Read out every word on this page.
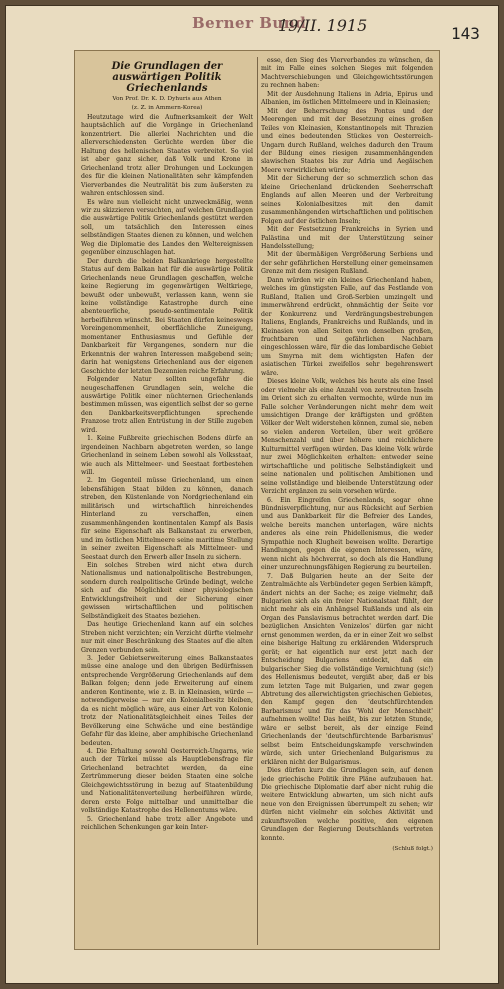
Berner Bund
19/II. 1915	143
Die Grundlagen der auswärtigen Politik Griechenlands
Von Prof. Dr. K. D. Dyhuris aus Athen
(z. Z. in Ammern-Korea)

Heutzutage wird die Aufmerksamkeit der Welt hauptsächlich auf die Vorgänge in Griechenland konzentriert. Die allerlei Nachrichten und die allerverschiedensten Gerüchte werden über die Haltung des hellenischen Staates verbreitet. So viel ist aber ganz sicher, daß Volk und Krone in Griechenland trotz aller Drohungen und Lockungen des für die kleinen Nationalitäten sehr kämpfenden Vierverbandes die Neutralität bis zum äußersten zu wahren entschlossen sind.

Es wäre nun vielleicht nicht unzweckmäßig, wenn wir zu skizzieren versuchten, auf welchen Grundlagen die auswärtige Politik Griechenlands gestützt werden soll, um tatsächlich den Interessen eines selbständigen Staates dienen zu können, und welchen Weg die Diplomatie des Landes den Weltereignissen gegenüber einzuschlagen hat.

Der durch die beiden Balkankriege hergestellte Status auf dem Balkan hat für die auswärtige Politik Griechenlands neue Grundlagen geschaffen, welche keine Regierung im gegenwärtigen Weltkriege, bewußt oder unbewußt, verlassen kann, wenn sie keine vollständige Katastrophe durch eine abenteuerliche, pseudo-sentimentale Politik herbeiführen wünscht. Bei Staaten dürfen keineswegs Voreingenommenheit, oberflächliche Zuneigung, momentaner Enthusiasmus und Gefühle der Dankbarkeit für Vergangenes, sondern nur die Erkenntnis der wahren Interessen maßgebend sein; darin hat wenigstens Griechenland aus der eigenen Geschichte der letzten Dezennien reiche Erfahrung.

Folgender Natur sollten ungefähr die neugeschaffenen Grundlagen sein, welche die auswärtige Politik einer nüchternen Griechenlands bestimmen müssen, was eigentlich selbst der so gerne den Dankbarkeitsverpflichtungen sprechende Franzose trotz allen Entrüstung in der Stille zugeben wird.

1. Keine Fußbreite griechischen Bodens dürfe an irgendeinen Nachbarn abgetreten werden, so lange Griechenland in seinem Leben sowohl als Volksstaat, wie auch als Mittelmeer- und Seestaat fortbestehen will.

2. Im Gegenteil müsse Griechenland, um einen lebensfähigen Staat bilden zu können, danach streben, den Küstenlande von Nordgriechenland ein militärisch und wirtschaftlich hinreichendes Hinterland zu verschaffen, einen zusammenhängenden kontinentalen Kampf als Basis für seine Eigenschaft als Balkanstaat zu erwerben, und im östlichen Mittelmeere seine maritime Stellung in seiner zweiten Eigenschaft als Mittelmeer- und Seestaat durch den Erwerb aller Inseln zu sichern.

Ein solches Streben wird nicht etwa durch Nationalismus und nationalpolitische Bestrebungen, sondern durch realpolitische Gründe bedingt, welche sich auf die Möglichkeit einer physiologischen Entwicklungsfreiheit und der Sicherung einer gewissen wirtschaftlichen und politischen Selbständigkeit des Staates beziehen.

Das heutige Griechenland kann auf ein solches Streben nicht verzichten; ein Verzicht dürfte vielmehr nur mit einer Beschränkung des Staates auf die alten Grenzen verbunden sein.

3. Jeder Gebietserweiterung eines Balkanstaates müsse eine analoge und den übrigen Bedürfnissen entsprechende Vergrößerung Griechenlands auf dem Balkan folgen; denn jede Erweiterung auf einem anderen Kontinente, wie z. B. in Kleinasien, würde — notwendigerweise — nur ein Kolonialbesitz bleiben, da es nicht möglich wäre, aus einer Art von Kolonie trotz der Nationalitätsgleichheit eines Teiles der Bevölkerung eine Schwäche und eine beständige Gefahr für das kleine, aber amphibische Griechenland bedeuten.

4. Die Erhaltung sowohl Oesterreich-Ungarns, wie auch der Türkei müsse als Hauptlebensfrage für Griechenland betrachtet werden, da eine Zertrümmerung dieser beiden Staaten eine solche Gleichgewichtsstörung in bezug auf Staatenbildung und Nationalitätenverteilung herbeiführen würde, deren erste Folge mittelbar und unmittelbar die vollständige Katastrophe des Hellenentums wäre.

5. Griechenland habe trotz aller Angebote und reichlichen Schenkungen gar kein Inter-

esse, den Sieg des Vierverbandes zu wünschen, da mit im Falle eines solchen Sieges mit folgenden Machtverschiebungen und Gleichgewichtsstörungen zu rechnen haben:

Mit der Ausdehnung Italiens in Adria, Epirus und Albanien, im östlichen Mittelmeere und in Kleinasien;

Mit der Beherrschung des Pontus und der Meerengen und mit der Besetzung eines großen Teiles von Kleinasien, Konstantinopels mit Thrazien und eines bedeutenden Stückes von Oesterreich-Ungarn durch Rußland, welches dadurch den Traum der Bildung eines riesigen zusammenhängenden slawischen Staates bis zur Adria und Aegäischen Meere verwirklichen würde;

Mit der Sicherung der so schmerzlich schon das kleine Griechenland drückenden Seeherrschaft Englands auf allen Meeren und der Verbreitung seines Kolonialbesitzes mit den damit zusammenhängenden wirtschaftlichen und politischen Folgen auf der östlichen Inseln;

Mit der Festsetzung Frankreichs in Syrien und Palästina und mit der Unterstützung seiner Handelsstellung;

Mit der übermäßigen Vergrößerung Serbiens und der sehr gefährlichen Herstellung einer gemeinsamen Grenze mit dem riesigen Rußland.

Dann würden wir ein kleines Griechenland haben, welches im günstigsten Falle, auf das Festlande von Rußland, Italien und Groß-Serbien umzingelt und immerwährend erdrückt, ohnmächtig der Seite vor der Konkurrenz und Verdrängungsbestrebungen Italiens, Englands, Frankreichs und Rußlands, und in Kleinasien von allen Seiten von denselben großen, fruchtbaren und gefährlichen Nachbarn eingeschlossen wäre, für die das lombardische Gebiet um Smyrna mit dem wichtigsten Hafen der asiatischen Türkei zweifellos sehr begehrenswert wäre.

Dieses kleine Volk, welches bis heute als eine Insel oder vielmehr als eine Anzahl von zerstreuten Inseln im Orient sich zu erhalten vermochte, würde nun im Falle solcher Veränderungen nicht mehr dem weit umsichtigen Drange der kräftigsten und größten Völker der Welt widerstehen können, zumal sie, neben so vielen anderen Vorteilen, über weit größere Menschenzahl und über höhere und reichlichere Kulturmittel verfügen würden. Das kleine Volk würde nur zwei Möglichkeiten erhalten: entweder seine wirtschaftliche und politische Selbständigkeit und seine nationalen und politischen Ambitionen und seine vollständige und bleibende Unterstützung oder Verzicht ergänzen zu sein vorsehen würde.

6. Ein Eingreifen Griechenlands, sogar ohne Bündnisverpflichtung, nur aus Rücksicht auf Serbien und aus Dankbarkeit für die Befreier des Landes, welche bereits manchen unterlagen, wäre nichts anderes als eine rein Phidellenismus, die weder Sympathie noch Klugheit beweisen wollte. Derartige Handlungen, gegen die eigenen Interessen, wäre, wenn nicht als höchverrat, so doch als die Handlung einer unzurechnungsfähigen Regierung zu beurteilen.

7. Daß Bulgarien heute an der Seite der Zentralmächte als Verbündeter gegen Serbien kämpft, ändert nichts an der Sache; es zeige vielmehr, daß Bulgarien sich als ein freier Nationalstaat fühlt, der nicht mehr als ein Anhängsel Rußlands und als ein Organ des Panslavismus betrachtet werden darf. Die bezüglichen Ansichten Venizelos' dürfen gar nicht ernst genommen werden, da er in einer Zeit wo selbst eine bisherige Haltung zu erklärenden Widerspruch gerät; er hat eigentlich nur erst jetzt nach der Entscheidung Bulgariens entdeckt, daß ein bulgarischer Sieg die vollständige Vernichtung (sic!) des Hellenismus bedeutet, vergißt aber, daß er bis zum letzten Tage mit Bulgarien, und zwar gegen Abtretung des allerwichtigsten griechischen Gebietes, den Kampf gegen den 'deutschfürchtenden Barbarismus' und für das 'Wohl der Menschheit' aufnehmen wollte! Das heißt, bis zur letzten Stunde, wäre er selbst bereit, als der einzige Feind Griechenlands der 'deutschfürchtende Barbarismus' selbst beim Entscheidungskampfe verschwinden würde, sich unter Griechenland Bulgarismus zu erklären nicht der Bulgarismus.

Dies dürfen kurz die Grundlagen sein, auf denen jede griechische Politik ihre Pläne aufzubauen hat. Die griechische Diplomatie darf aber nicht ruhig die weitere Entwicklung abwarten, um sich nicht aufs neue von den Ereignissen überrumpelt zu sehen; wir dürfen nicht vielmehr ein solches Aktivität und zukunftsvollen welche positive, den eigenen Grundlagen der Regierung Deutschlands vertreten konnte.

(Schluß folgt.)
